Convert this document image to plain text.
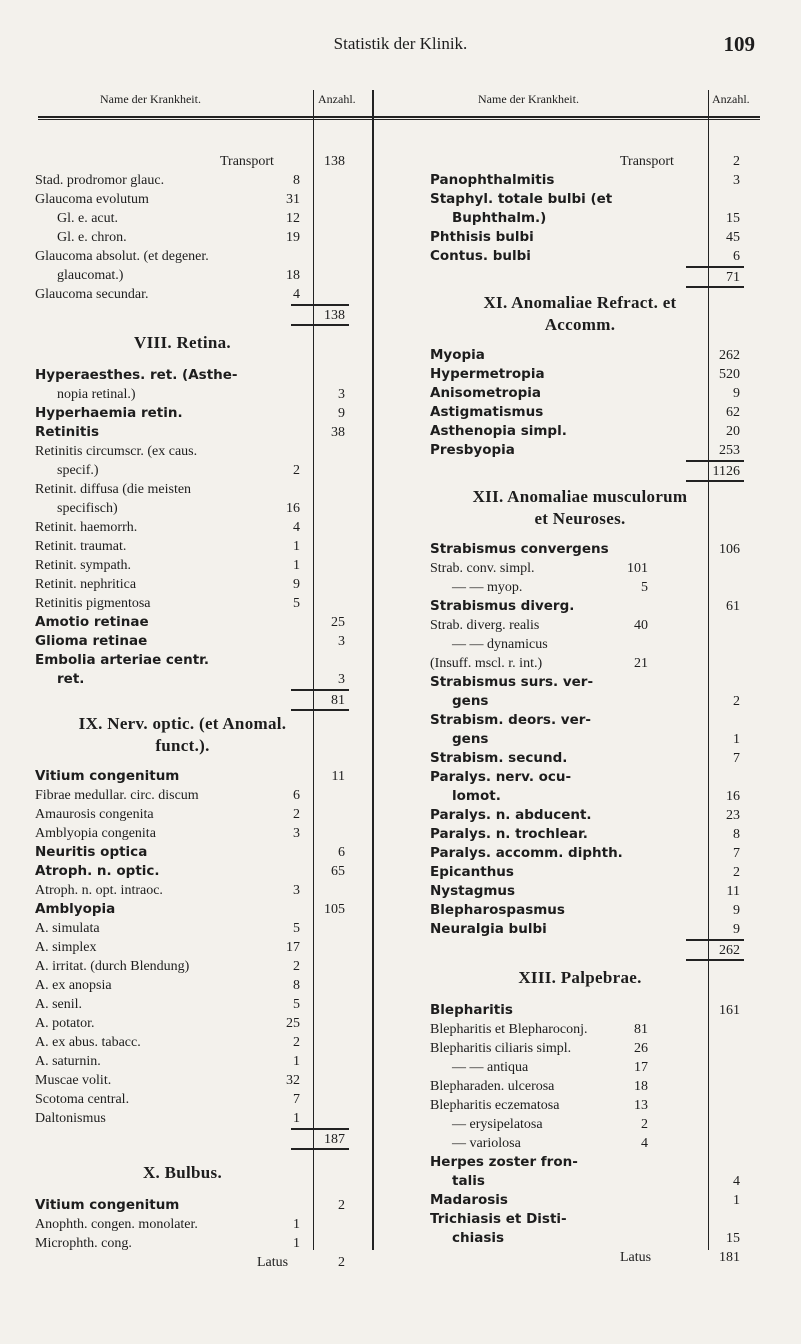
Statistik der Klinik.	109
Name der Krankheit.	Anzahl.	Name der Krankheit.	Anzahl.
Transport	138
Stad. prodromor glauc.	8
Glaucoma evolutum	31
Gl. e. acut.	12
Gl. e. chron.	19
Glaucoma absolut. (et degener.
glaucomat.)	18
Glaucoma secundar.	4
138
VIII. Retina.
Hyperaesthes. ret. (Asthe-
nopia retinal.)	3
Hyperhaemia retin.	9
Retinitis	38
Retinitis circumscr. (ex caus.
specif.)	2
Retinit. diffusa (die meisten
specifisch)	16
Retinit. haemorrh.	4
Retinit. traumat.	1
Retinit. sympath.	1
Retinit. nephritica	9
Retinitis pigmentosa	5
Amotio retinae	25
Glioma retinae	3
Embolia arteriae centr.
ret.	3
81
IX. Nerv. optic. (et Anomal.
funct.).
Vitium congenitum	11
Fibrae medullar. circ. discum	6
Amaurosis congenita	2
Amblyopia congenita	3
Neuritis optica	6
Atroph. n. optic.	65
Atroph. n. opt. intraoc.	3
Amblyopia	105
A. simulata	5
A. simplex	17
A. irritat. (durch Blendung)	2
A. ex anopsia	8
A. senil.	5
A. potator.	25
A. ex abus. tabacc.	2
A. saturnin.	1
Muscae volit.	32
Scotoma central.	7
Daltonismus	1
187
X. Bulbus.
Vitium congenitum	2
Anophth. congen. monolater.	1
Microphth. cong.	1
Latus	2
Transport	2
Panophthalmitis	3
Staphyl. totale bulbi (et
Buphthalm.)	15
Phthisis bulbi	45
Contus. bulbi	6
71
XI. Anomaliae Refract. et
Accomm.
Myopia	262
Hypermetropia	520
Anisometropia	9
Astigmatismus	62
Asthenopia simpl.	20
Presbyopia	253
1126
XII. Anomaliae musculorum
et Neuroses.
Strabismus convergens	106
Strab. conv. simpl.	101
— — myop.	5
Strabismus diverg.	61
Strab. diverg. realis	40
— — dynamicus
(Insuff. mscl. r. int.)	21
Strabismus surs. ver-
gens	2
Strabism. deors. ver-
gens	1
Strabism. secund.	7
Paralys. nerv. ocu-
lomot.	16
Paralys. n. abducent.	23
Paralys. n. trochlear.	8
Paralys. accomm. diphth.	7
Epicanthus	2
Nystagmus	11
Blepharospasmus	9
Neuralgia bulbi	9
262
XIII. Palpebrae.
Blepharitis	161
Blepharitis et Blepharoconj.	81
Blepharitis ciliaris simpl.	26
— — antiqua	17
Blepharaden. ulcerosa	18
Blepharitis eczematosa	13
— erysipelatosa	2
— variolosa	4
Herpes zoster fron-
talis	4
Madarosis	1
Trichiasis et Disti-
chiasis	15
Latus	181
